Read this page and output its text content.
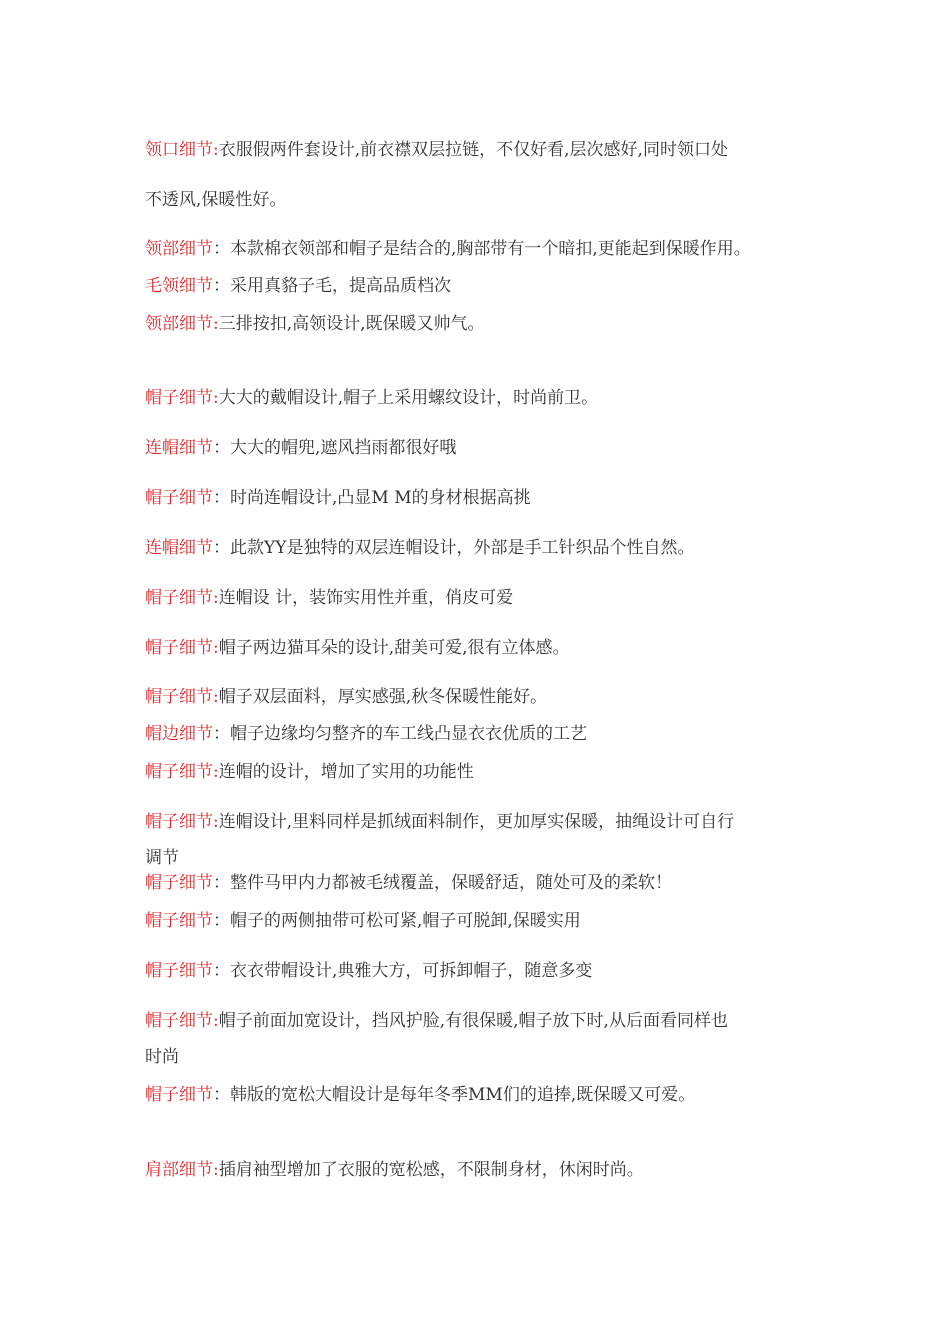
领口细节:衣服假两件套设计,前衣襟双层拉链，不仅好看,层次感好,同时领口处
不透风,保暖性好。
领部细节：本款棉衣领部和帽子是结合的,胸部带有一个暗扣,更能起到保暖作用。
毛领细节：采用真貉子毛，提高品质档次
领部细节:三排按扣,高领设计,既保暖又帅气。
帽子细节:大大的戴帽设计,帽子上采用螺纹设计，时尚前卫。
连帽细节：大大的帽兜,遮风挡雨都很好哦
帽子细节：时尚连帽设计,凸显M M的身材根据高挑
连帽细节：此款YY是独特的双层连帽设计，外部是手工针织品个性自然。
帽子细节:连帽设 计，装饰实用性并重，俏皮可爱
帽子细节:帽子两边猫耳朵的设计,甜美可爱,很有立体感。
帽子细节:帽子双层面料，厚实感强,秋冬保暖性能好。
帽边细节：帽子边缘均匀整齐的车工线凸显衣衣优质的工艺
帽子细节:连帽的设计，增加了实用的功能性
帽子细节:连帽设计,里料同样是抓绒面料制作，更加厚实保暖，抽绳设计可自行
调节
帽子细节：整件马甲内力都被毛绒覆盖，保暖舒适，随处可及的柔软！
帽子细节：帽子的两侧抽带可松可紧,帽子可脱卸,保暖实用
帽子细节：衣衣带帽设计,典雅大方，可拆卸帽子，随意多变
帽子细节:帽子前面加宽设计，挡风护脸,有很保暖,帽子放下时,从后面看同样也
时尚
帽子细节：韩版的宽松大帽设计是每年冬季MM们的追捧,既保暖又可爱。
肩部细节:插肩袖型增加了衣服的宽松感，不限制身材，休闲时尚。
